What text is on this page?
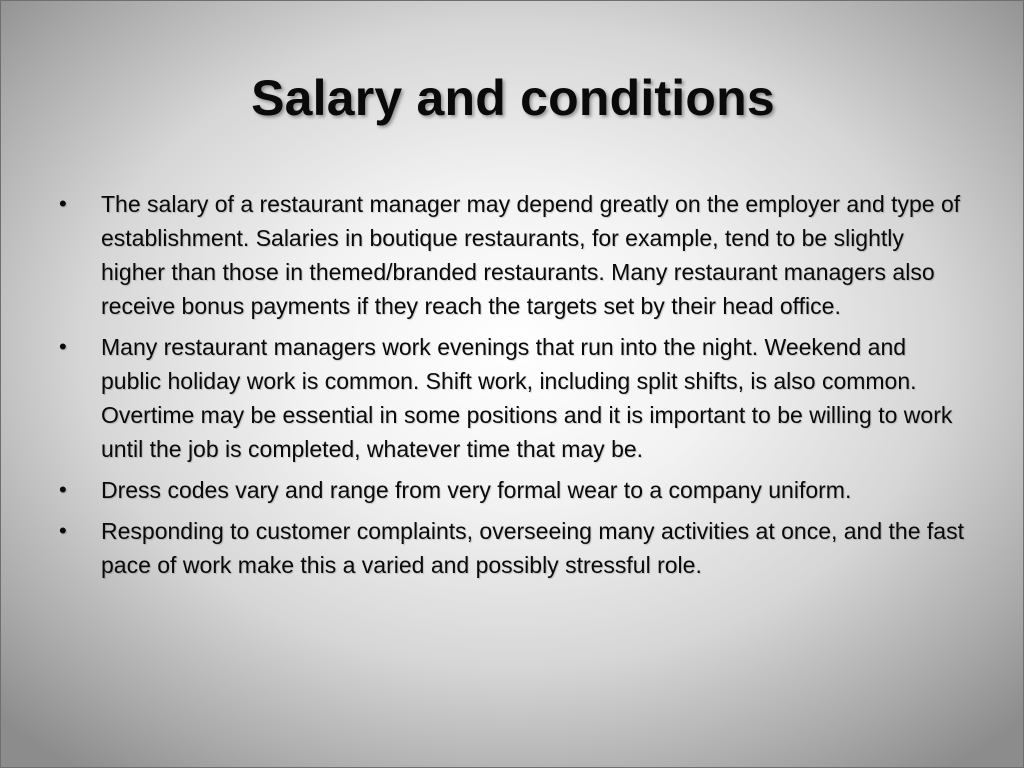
Salary and conditions
•	The salary of a restaurant manager may depend greatly on the employer and type of establishment. Salaries in boutique restaurants, for example, tend to be slightly higher than those in themed/branded restaurants. Many restaurant managers also receive bonus payments if they reach the targets set by their head office.
•	Many restaurant managers work evenings that run into the night. Weekend and public holiday work is common. Shift work, including split shifts, is also common. Overtime may be essential in some positions and it is important to be willing to work until the job is completed, whatever time that may be.
•	Dress codes vary and range from very formal wear to a company uniform.
•	Responding to customer complaints, overseeing many activities at once, and the fast pace of work make this a varied and possibly stressful role.
